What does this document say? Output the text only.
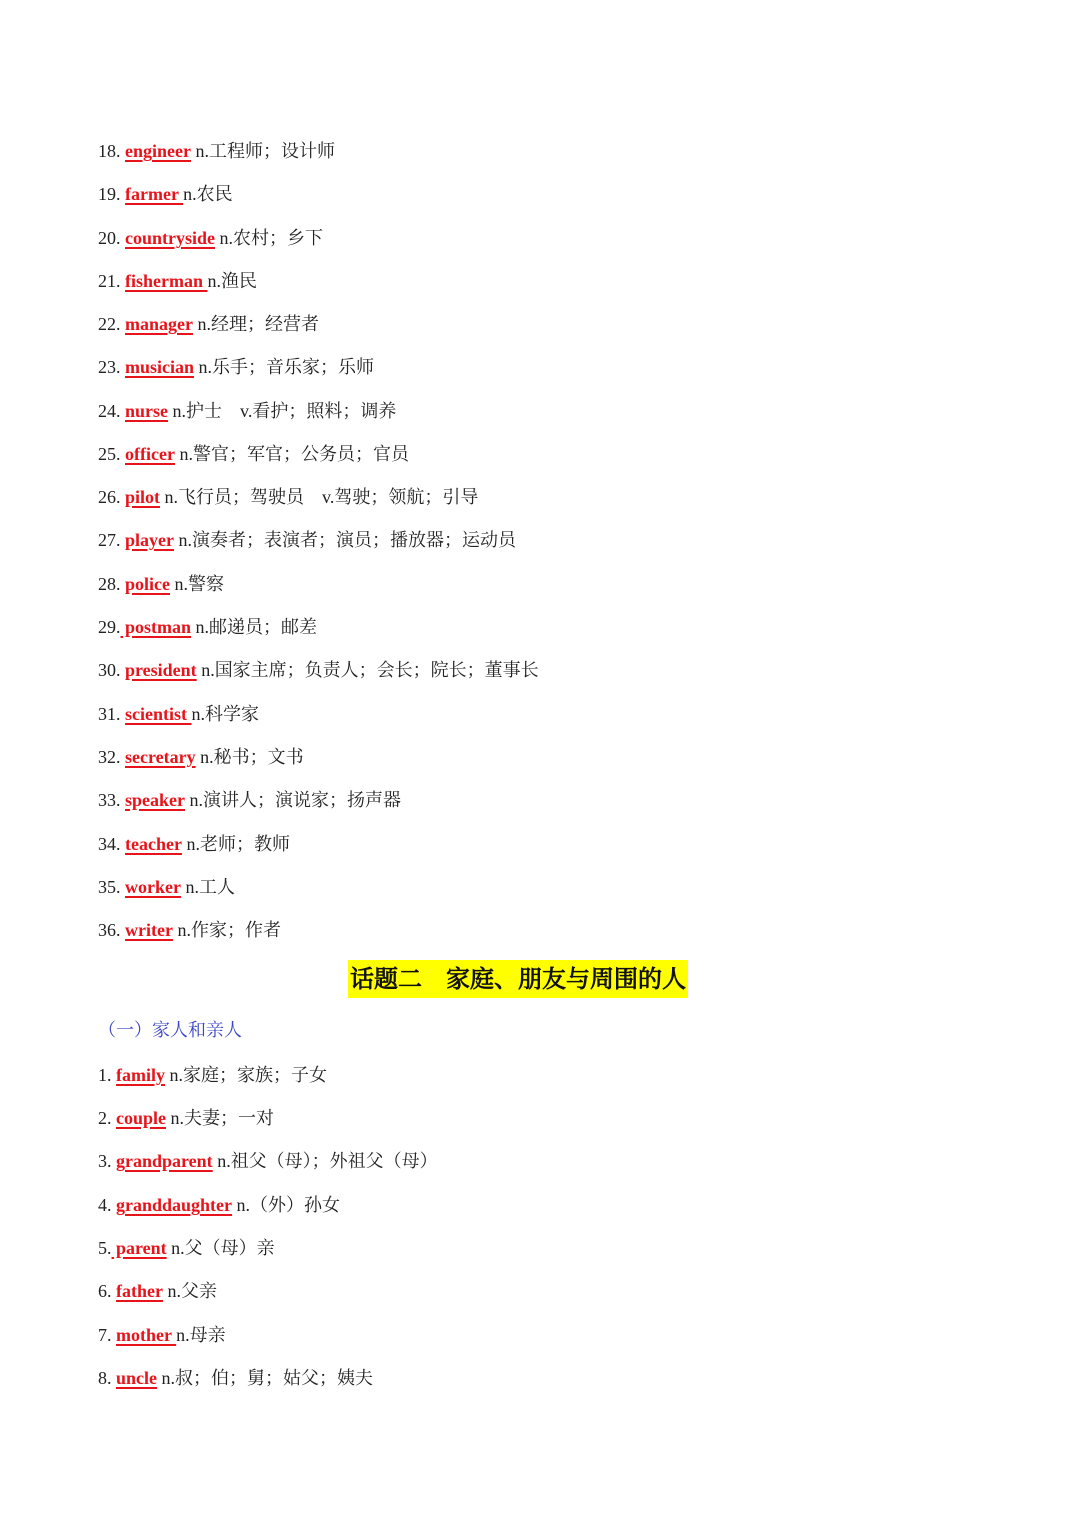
18. engineer n.工程师；设计师
19. farmer n.农民
20. countryside n.农村；乡下
21. fisherman n.渔民
22. manager n.经理；经营者
23. musician n.乐手；音乐家；乐师
24. nurse n.护士　v.看护；照料；调养
25. officer n.警官；军官；公务员；官员
26. pilot n.飞行员；驾驶员　v.驾驶；领航；引导
27. player n.演奏者；表演者；演员；播放器；运动员
28. police n.警察
29. postman n.邮递员；邮差
30. president n.国家主席；负责人；会长；院长；董事长
31. scientist n.科学家
32. secretary n.秘书；文书
33. speaker n.演讲人；演说家；扬声器
34. teacher n.老师；教师
35. worker n.工人
36. writer n.作家；作者
话题二　家庭、朋友与周围的人
（一）家人和亲人
1. family n.家庭；家族；子女
2. couple n.夫妻；一对
3. grandparent n.祖父（母）；外祖父（母）
4. granddaughter n.（外）孙女
5. parent n.父（母）亲
6. father n.父亲
7. mother n.母亲
8. uncle n.叔；伯；舅；姑父；姨夫
